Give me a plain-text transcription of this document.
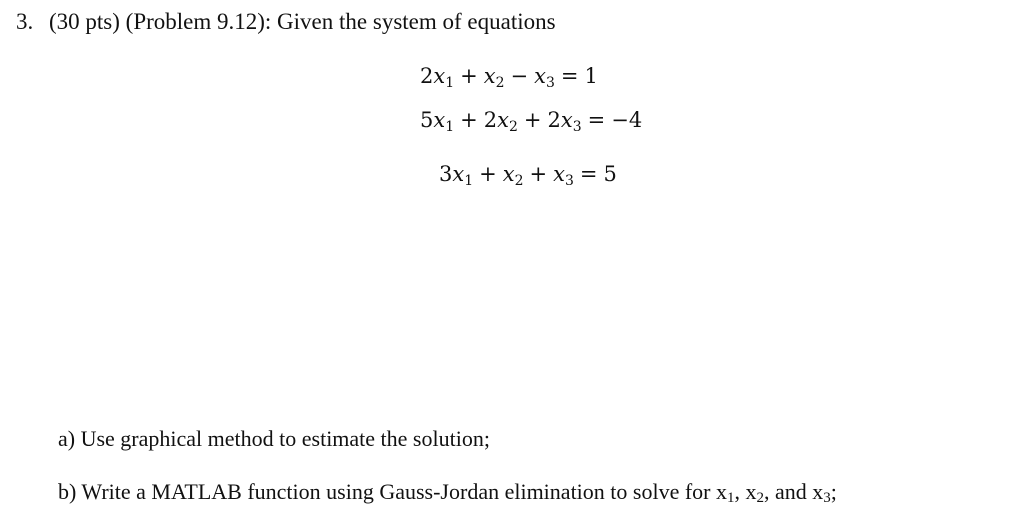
3. (30 pts) (Problem 9.12): Given the system of equations
$2x_1 + x_2 - x_3 = 1$
$5x_1 + 2x_2 + 2x_3 = -4$
$3x_1 + x_2 + x_3 = 5$
a) Use graphical method to estimate the solution;
b) Write a MATLAB function using Gauss-Jordan elimination to solve for $x_1$, $x_2$, and $x_3$;
